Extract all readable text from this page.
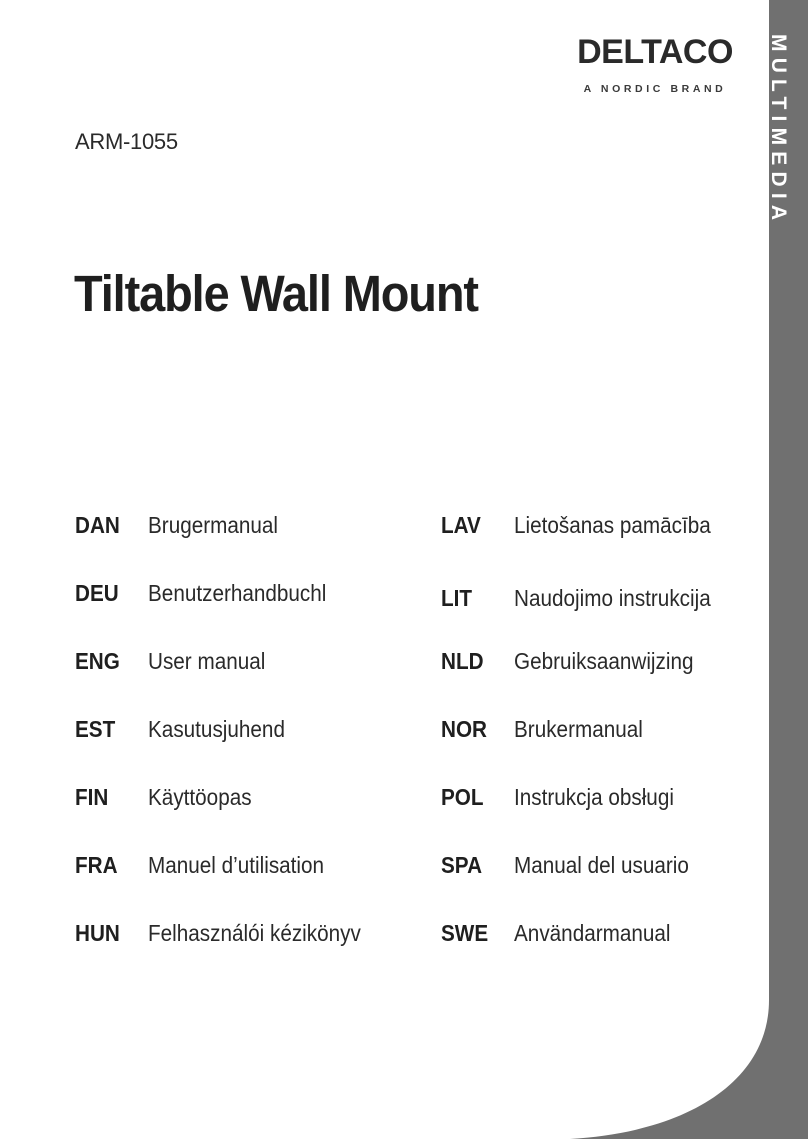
MULTIMEDIA
DELTACO
A NORDIC BRAND
ARM-1055
Tiltable Wall Mount
DAN Brugermanual
DEU Benutzerhandbuchl
ENG User manual
EST Kasutusjuhend
FIN Käyttöopas
FRA Manuel d’utilisation
HUN Felhasználói kézikönyv
LAV Lietošanas pamācība
LIT Naudojimo instrukcija
NLD Gebruiksaanwijzing
NOR Brukermanual
POL Instrukcja obsługi
SPA Manual del usuario
SWE Användarmanual
